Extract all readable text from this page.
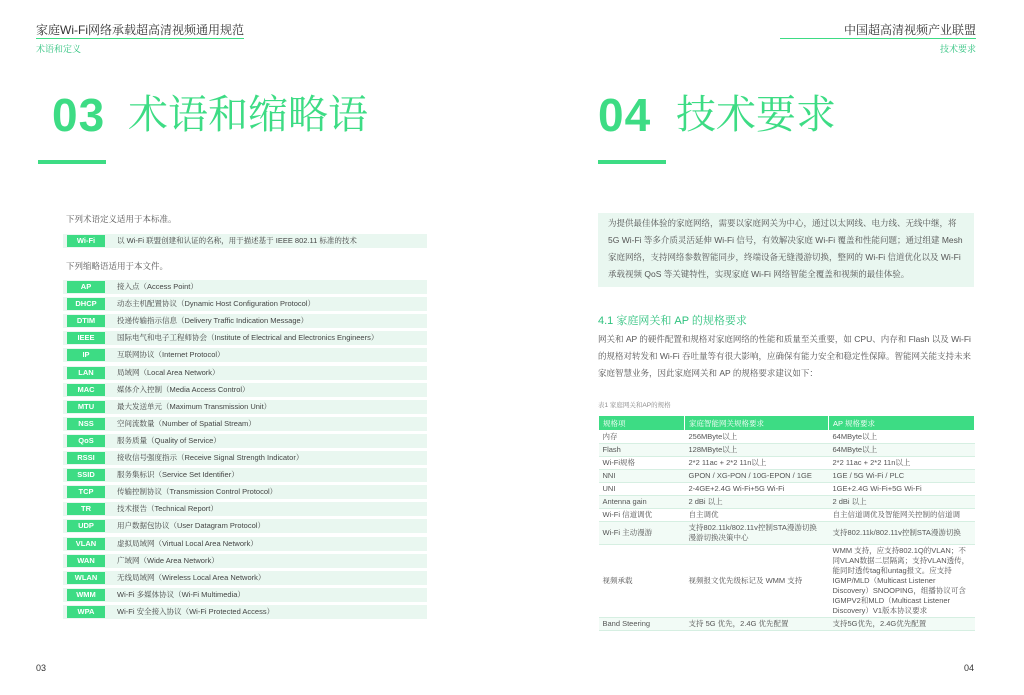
家庭Wi-Fi网络承载超高清视频通用规范
术语和定义
03 术语和缩略语
下列术语定义适用于本标准。
Wi-Fi	以 Wi-Fi 联盟创建和认证的名称，用于描述基于 IEEE 802.11 标准的技术
下列缩略语适用于本文件。
AP	接入点（Access Point）
DHCP	动态主机配置协议（Dynamic Host Configuration Protocol）
DTIM	投递传输指示信息（Delivery Traffic Indication Message）
IEEE	国际电气和电子工程师协会（Institute of Electrical and Electronics Engineers）
IP	互联网协议（Internet Protocol）
LAN	局域网（Local Area Network）
MAC	媒体介入控制（Media Access Control）
MTU	最大发送单元（Maximum Transmission Unit）
NSS	空间流数量（Number of Spatial Stream）
QoS	服务质量（Quality of Service）
RSSI	接收信号强度指示（Receive Signal Strength Indicator）
SSID	服务集标识（Service Set Identifier）
TCP	传输控制协议（Transmission Control Protocol）
TR	技术报告（Technical Report）
UDP	用户数据包协议（User Datagram Protocol）
VLAN	虚拟局域网（Virtual Local Area Network）
WAN	广域网（Wide Area Network）
WLAN	无线局域网（Wireless Local Area Network）
WMM	Wi-Fi 多媒体协议（Wi-Fi Multimedia）
WPA	Wi-Fi 安全接入协议（Wi-Fi Protected Access）
03
中国超高清视频产业联盟
技术要求
04 技术要求
为提供最佳体验的家庭网络，需要以家庭网关为中心，通过以太网线、电力线、无线中继，将 5G Wi-Fi 等多介质灵活延伸 Wi-Fi 信号，有效解决家庭 Wi-Fi 覆盖和性能问题；通过组建 Mesh 家庭网络，支持网络参数智能同步，终端设备无缝漫游切换，整网的 Wi-Fi 信道优化以及 Wi-Fi 承载视频 QoS 等关键特性，实现家庭 Wi-Fi 网络智能全覆盖和视频的最佳体验。
4.1 家庭网关和 AP 的规格要求
网关和 AP 的硬件配置和规格对家庭网络的性能和质量至关重要，如 CPU、内存和 Flash 以及 Wi-Fi 的规格对转发和 Wi-Fi 吞吐量等有很大影响，应确保有能力安全和稳定性保障。智能网关能支持未来家庭智慧业务，因此家庭网关和 AP 的规格要求建议如下：
表1 家庭网关和AP的规格
规格项	家庭智能网关规格要求	AP 规格要求
内存	256MByte以上	64MByte以上
Flash	128MByte以上	64MByte以上
Wi-Fi规格	2*2 11ac + 2*2 11n以上	2*2 11ac + 2*2 11n以上
NNI	GPON / XG-PON / 10G-EPON / 1GE	1GE / 5G Wi-Fi / PLC
UNI	2-4GE+2.4G Wi-Fi+5G Wi-Fi	1GE+2.4G Wi-Fi+5G Wi-Fi
Antenna gain	2 dBi 以上	2 dBi 以上
Wi-Fi 信道调优	自主调优	自主信道调优及智能网关控制的信道调
Wi-Fi 主动漫游	支持802.11k/802.11v控制STA漫游切换 漫游切换决策中心	支持802.11k/802.11v控制STA漫游切换
视频承载	视频报文优先级标记及 WMM 支持	WMM 支持，应支持802.1Q的VLAN；不同VLAN数据二层隔离；支持VLAN透传，能同时透传tag和untag报文。应支持IGMP/MLD（Multicast Listener Discovery）SNOOPING，组播协议可含IGMPV2和MLD（Multicast Listener Discovery）V1版本协议要求
Band Steering	支持 5G 优先，2.4G 优先配置	支持5G优先，2.4G优先配置
04
